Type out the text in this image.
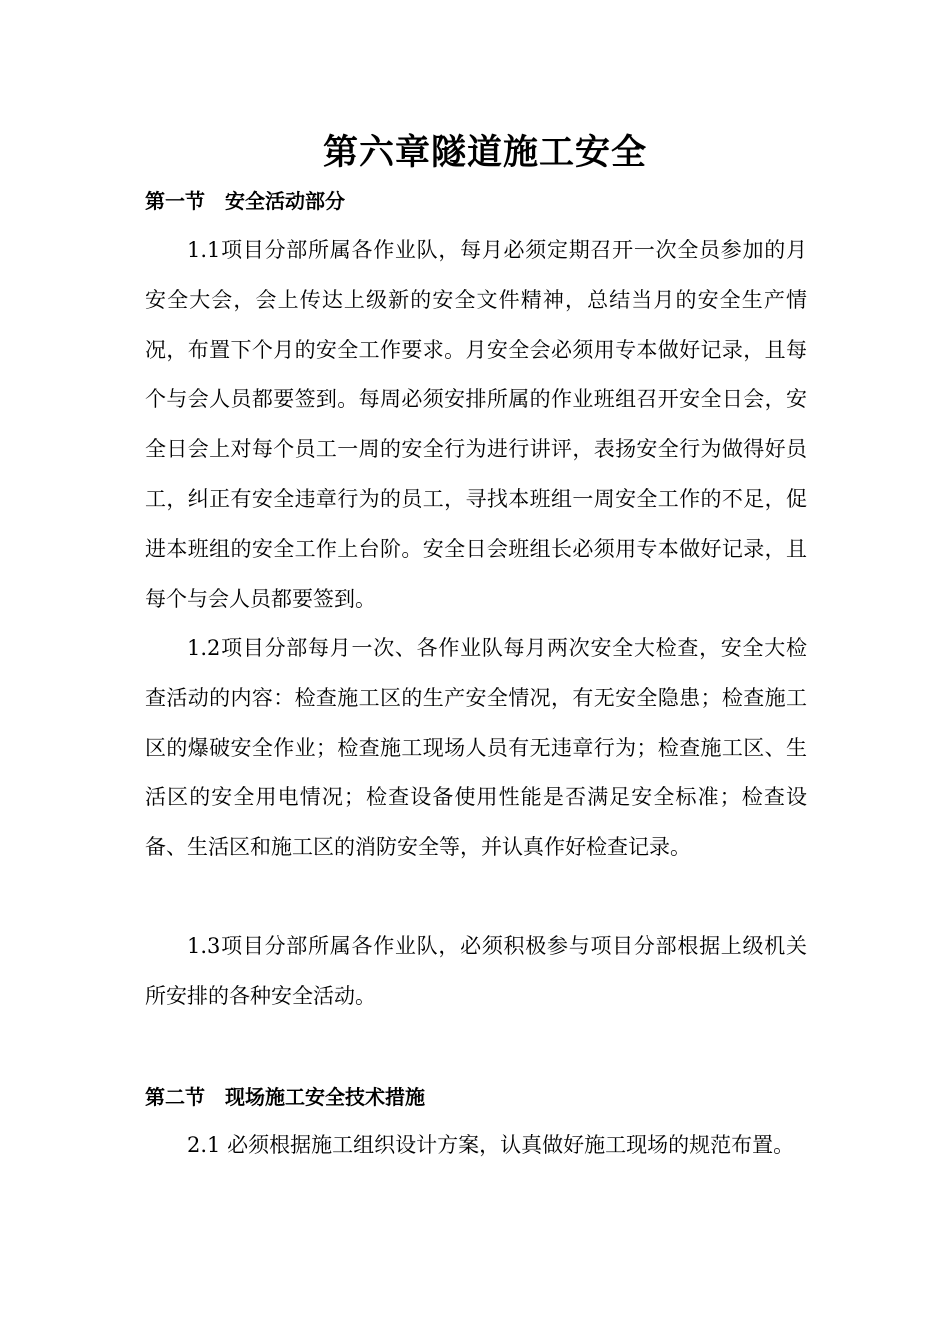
第六章隧道施工安全
第一节　安全活动部分

1.1项目分部所属各作业队，每月必须定期召开一次全员参加的月安全大会，会上传达上级新的安全文件精神，总结当月的安全生产情况，布置下个月的安全工作要求。月安全会必须用专本做好记录，且每个与会人员都要签到。每周必须安排所属的作业班组召开安全日会，安全日会上对每个员工一周的安全行为进行讲评，表扬安全行为做得好员工，纠正有安全违章行为的员工，寻找本班组一周安全工作的不足，促进本班组的安全工作上台阶。安全日会班组长必须用专本做好记录，且每个与会人员都要签到。

1.2项目分部每月一次、各作业队每月两次安全大检查，安全大检查活动的内容：检查施工区的生产安全情况，有无安全隐患；检查施工区的爆破安全作业；检查施工现场人员有无违章行为；检查施工区、生活区的安全用电情况；检查设备使用性能是否满足安全标准；检查设备、生活区和施工区的消防安全等，并认真作好检查记录。

1.3项目分部所属各作业队，必须积极参与项目分部根据上级机关所安排的各种安全活动。

第二节　现场施工安全技术措施

2.1 必须根据施工组织设计方案，认真做好施工现场的规范布置。
